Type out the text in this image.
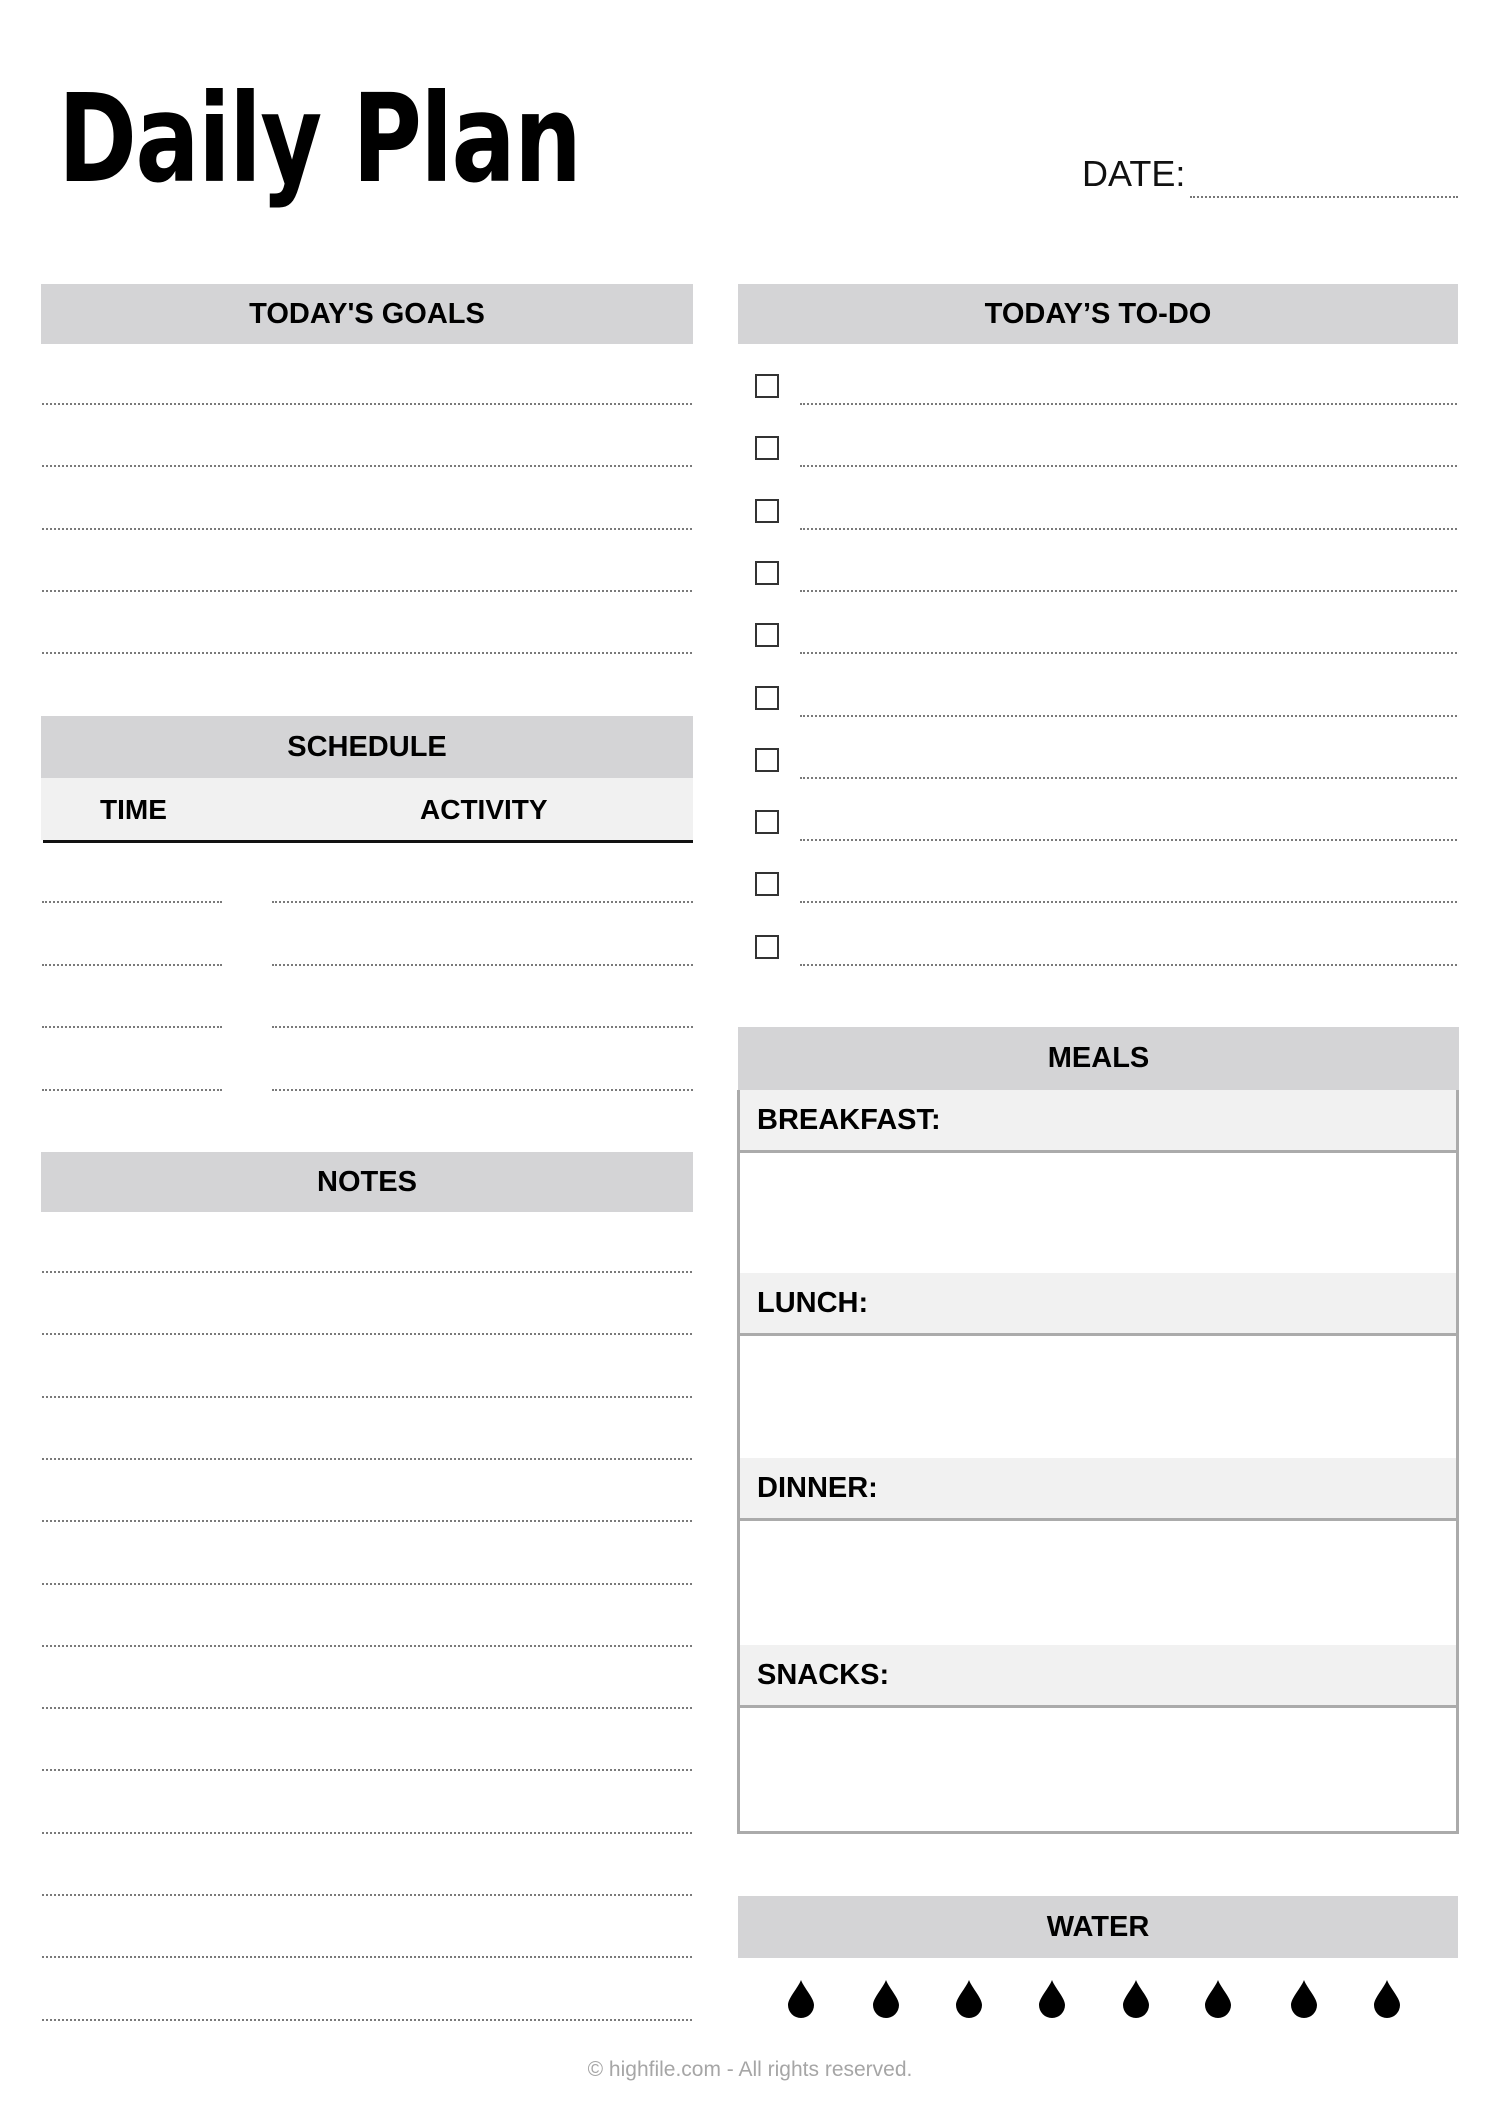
Daily Plan	DATE:
TODAY'S GOALS	TODAY’S TO-DO
SCHEDULE
TIME	ACTIVITY
NOTES
MEALS
BREAKFAST:
LUNCH:
DINNER:
SNACKS:
WATER
© highfile.com - All rights reserved.
